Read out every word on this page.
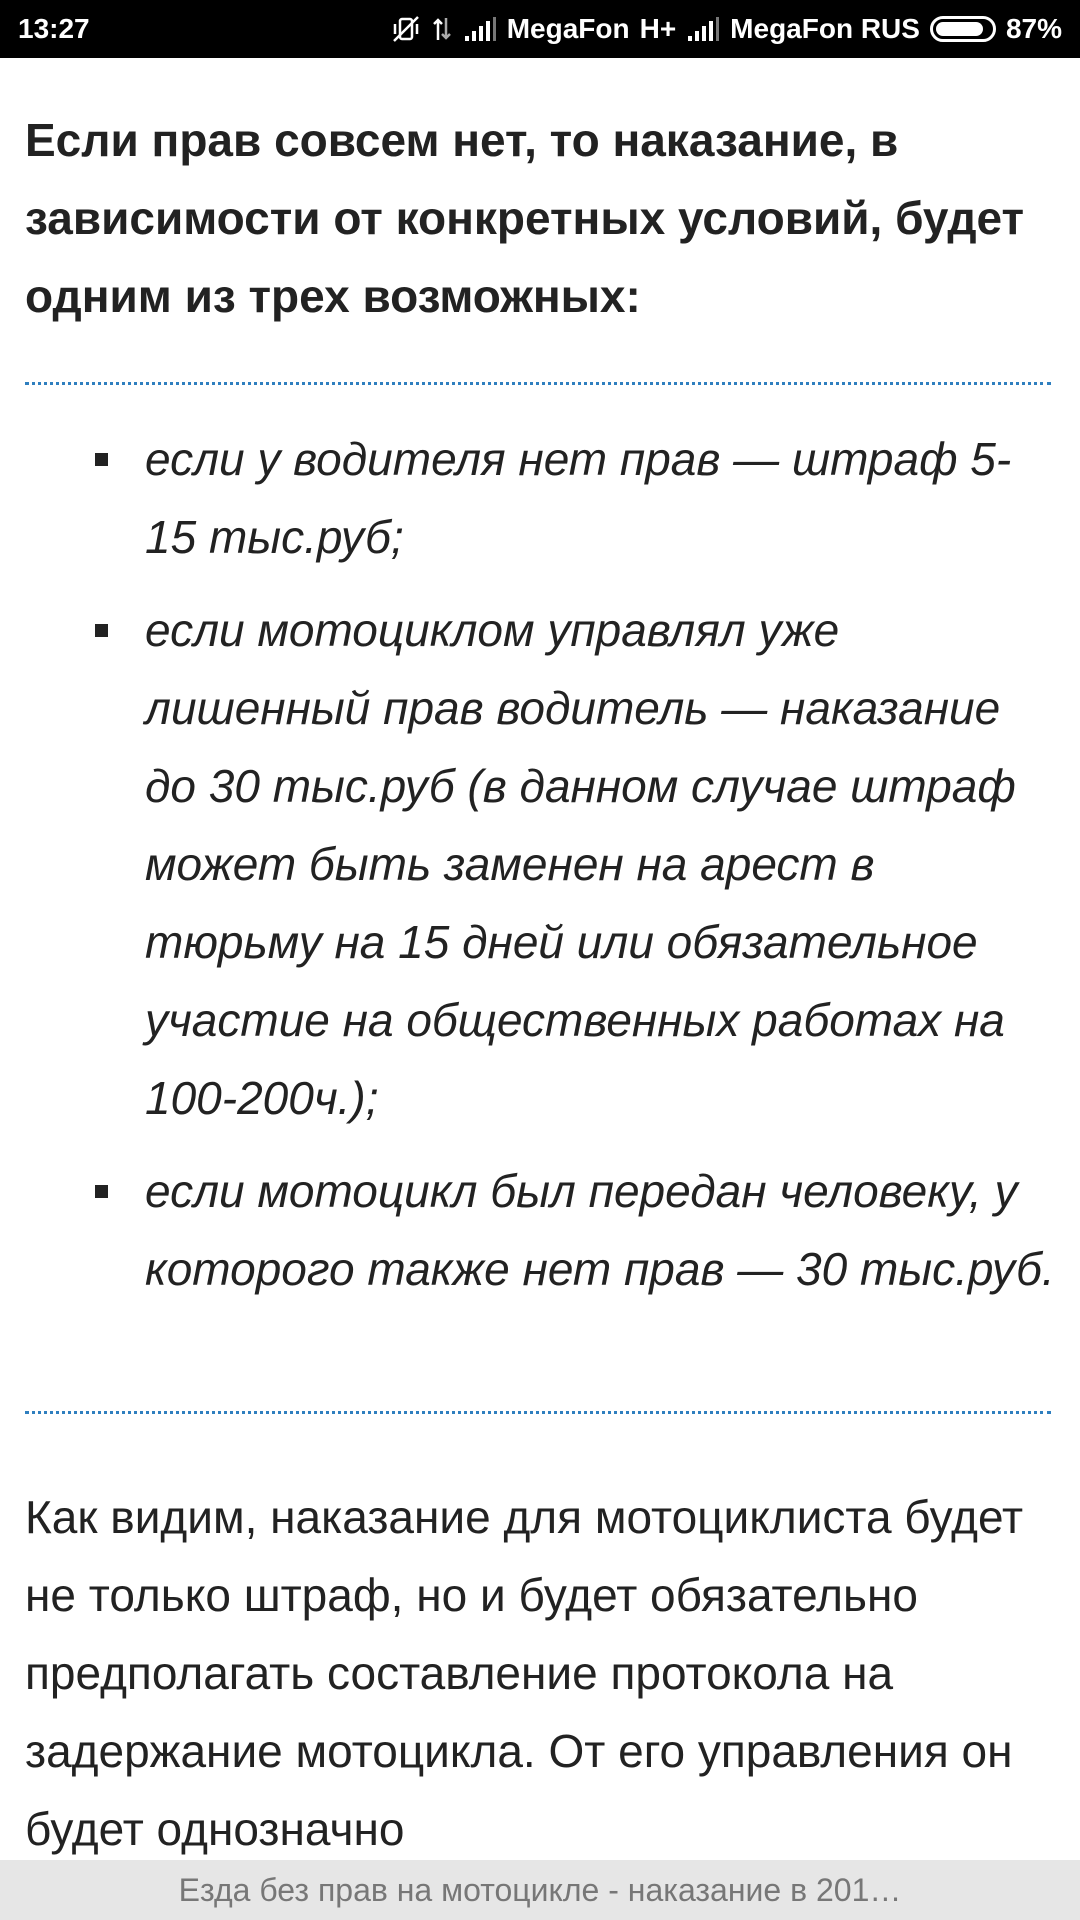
13:27	MegaFon H+ MegaFon RUS	87%

Если прав совсем нет, то наказание, в зависимости от конкретных условий, будет одним из трех возможных:

если у водителя нет прав — штраф 5-15 тыс.руб;
если мотоциклом управлял уже лишенный прав водитель — наказание до 30 тыс.руб (в данном случае штраф может быть заменен на арест в тюрьму на 15 дней или обязательное участие на общественных работах на 100-200ч.);
если мотоцикл был передан человеку, у которого также нет прав — 30 тыс.руб.

Как видим, наказание для мотоциклиста будет не только штраф, но и будет обязательно предполагать составление протокола на задержание мотоцикла. От его управления он будет однозначно

Езда без прав на мотоцикле - наказание в 201…
